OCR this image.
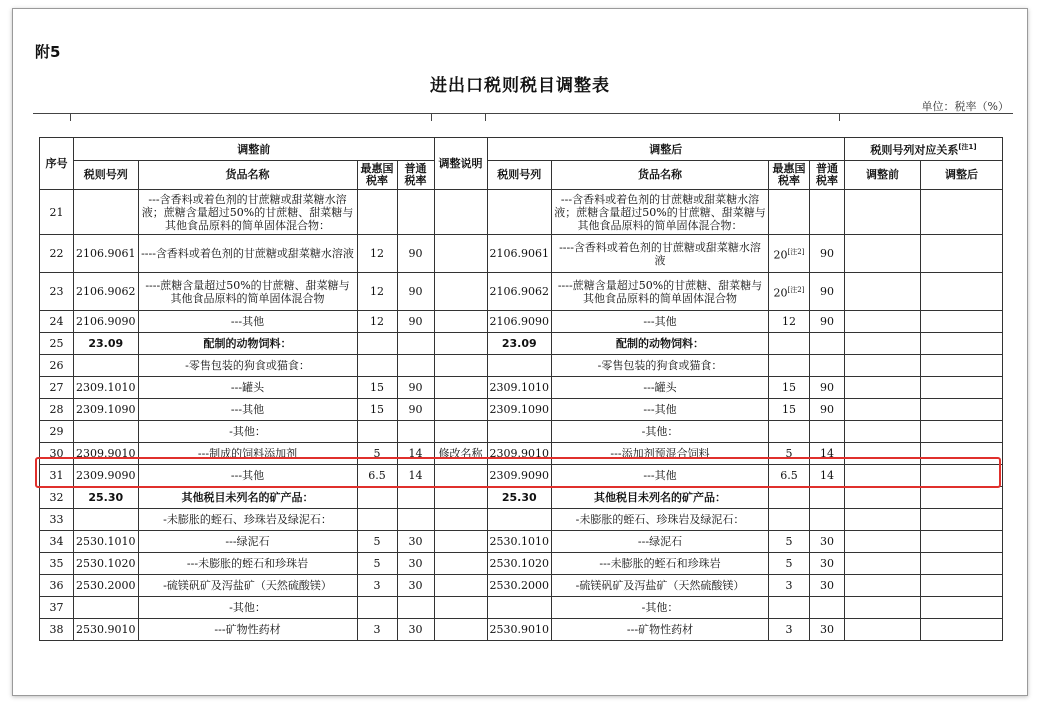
附5
进出口税则税目调整表
单位：税率（%）
序号	调整前				调整说明	调整后				税则号列对应关系[注1]
	税则号列	货品名称	最惠国税率	普通税率		税则号列	货品名称	最惠国税率	普通税率	调整前	调整后
21		---含香料或着色剂的甘蔗糖或甜菜糖水溶液；蔗糖含量超过50%的甘蔗糖、甜菜糖与其他食品原料的简单固体混合物：					---含香料或着色剂的甘蔗糖或甜菜糖水溶液；蔗糖含量超过50%的甘蔗糖、甜菜糖与其他食品原料的简单固体混合物：				
22	2106.9061	----含香料或着色剂的甘蔗糖或甜菜糖水溶液	12	90		2106.9061	----含香料或着色剂的甘蔗糖或甜菜糖水溶液	20[注2]	90		
23	2106.9062	----蔗糖含量超过50%的甘蔗糖、甜菜糖与其他食品原料的简单固体混合物	12	90		2106.9062	----蔗糖含量超过50%的甘蔗糖、甜菜糖与其他食品原料的简单固体混合物	20[注2]	90		
24	2106.9090	---其他	12	90		2106.9090	---其他	12	90		
25	23.09	配制的动物饲料：				23.09	配制的动物饲料：				
26		-零售包装的狗食或猫食：					-零售包装的狗食或猫食：				
27	2309.1010	---罐头	15	90		2309.1010	---罐头	15	90		
28	2309.1090	---其他	15	90		2309.1090	---其他	15	90		
29		-其他：					-其他：				
30	2309.9010	---制成的饲料添加剂	5	14	修改名称	2309.9010	---添加剂预混合饲料	5	14		
31	2309.9090	---其他	6.5	14		2309.9090	---其他	6.5	14		
32	25.30	其他税目未列名的矿产品：				25.30	其他税目未列名的矿产品：				
33		-未膨胀的蛭石、珍珠岩及绿泥石：					-未膨胀的蛭石、珍珠岩及绿泥石：				
34	2530.1010	---绿泥石	5	30		2530.1010	---绿泥石	5	30		
35	2530.1020	---未膨胀的蛭石和珍珠岩	5	30		2530.1020	---未膨胀的蛭石和珍珠岩	5	30		
36	2530.2000	-硫镁矾矿及泻盐矿（天然硫酸镁）	3	30		2530.2000	-硫镁矾矿及泻盐矿（天然硫酸镁）	3	30		
37		-其他：					-其他：				
38	2530.9010	---矿物性药材	3	30		2530.9010	---矿物性药材	3	30		
